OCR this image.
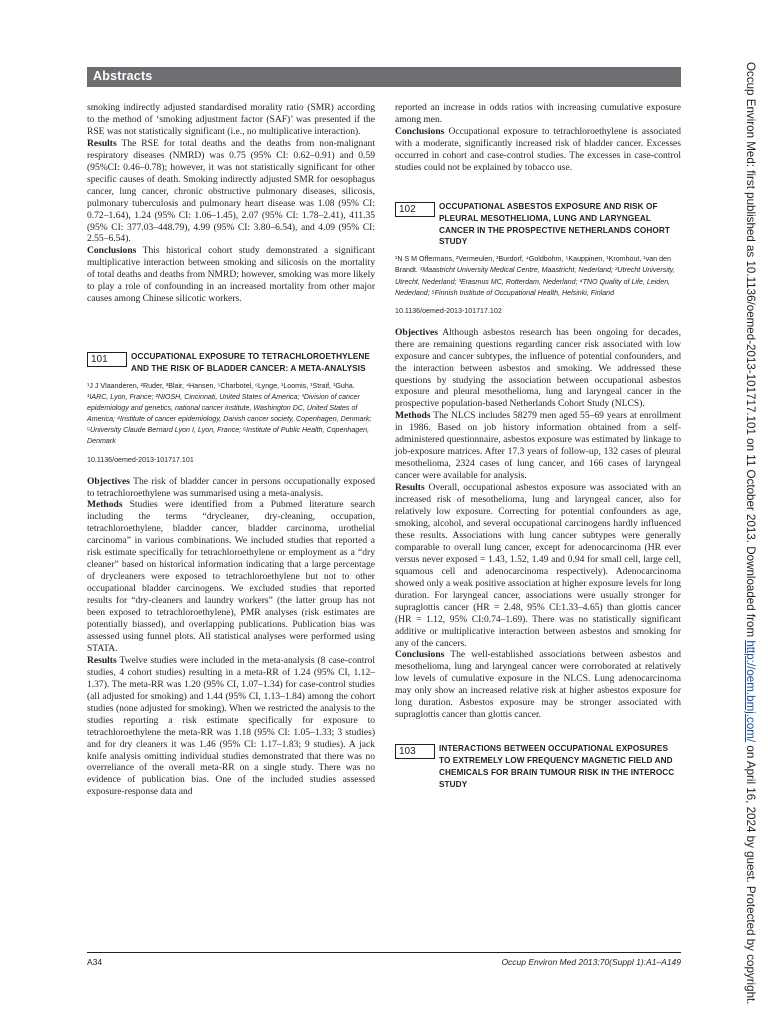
Abstracts

smoking indirectly adjusted standardised morality ratio (SMR) according to the method of ‘smoking adjustment factor (SAF)’ was presented if the RSE was not statistically significant (i.e., no multiplicative interaction).

Results The RSE for total deaths and the deaths from non-malignant respiratory diseases (NMRD) was 0.75 (95% CI: 0.62–0.91) and 0.59 (95%CI: 0.46–0.78); however, it was not statistically significant for other specific causes of death. Smoking indirectly adjusted SMR for oesophagus cancer, lung cancer, chronic obstructive pulmonary diseases, silicosis, pulmonary tuberculosis and pulmonary heart disease was 1.08 (95% CI: 0.72–1.64), 1.24 (95% CI: 1.06–1.45), 2.07 (95% CI: 1.78–2.41), 411.35 (95% CI: 377.03–448.79), 4.99 (95% CI: 3.80–6.54), and 4.09 (95% CI: 2.55–6.54).

Conclusions This historical cohort study demonstrated a significant multiplicative interaction between smoking and silicosis on the mortality of total deaths and deaths from NMRD; however, smoking was more likely to play a role of confounding in an increased mortality from other major causes among Chinese silicotic workers.

101	OCCUPATIONAL EXPOSURE TO TETRACHLOROETHYLENE AND THE RISK OF BLADDER CANCER: A META-ANALYSIS

¹J J Vlaanderen, ²Ruder, ³Blair, ⁴Hansen, ⁵Charbotel, ⁶Lynge, ¹Loomis, ¹Straif, ¹Guha. ¹IARC, Lyon, France; ²NIOSH, Cincinnati, United States of America; ³Division of cancer epidemiology and genetics, national cancer institute, Washington DC, United States of America; ⁴Institute of cancer epidemiology, Danish cancer society, Copenhagen, Denmark; ⁵University Claude Bernard Lyon I, Lyon, France; ⁶Institute of Public Health, Copenhagen, Denmark

10.1136/oemed-2013-101717.101

Objectives The risk of bladder cancer in persons occupationally exposed to tetrachloroethylene was summarised using a meta-analysis.

Methods Studies were identified from a Pubmed literature search including the terms “drycleaner, dry-cleaning, occupation, tetrachloroethylene, bladder cancer, bladder carcinoma, urothelial carcinoma” in various combinations. We included studies that reported a risk estimate specifically for tetrachloroethylene or employment as a “dry cleaner” based on historical information indicating that a large percentage of drycleaners were exposed to tetrachloroethylene but not to other occupational bladder carcinogens. We excluded studies that reported results for “dry-cleaners and laundry workers” (the latter group has not been exposed to tetrachloroethylene), PMR analyses (risk estimates are potentially biassed), and overlapping publications. Publication bias was assessed using funnel plots. All statistical analyses were performed using STATA.

Results Twelve studies were included in the meta-analysis (8 case-control studies, 4 cohort studies) resulting in a meta-RR of 1.24 (95% CI, 1.12–1.37). The meta-RR was 1.20 (95% CI, 1.07–1.34) for case-control studies (all adjusted for smoking) and 1.44 (95% CI, 1.13–1.84) among the cohort studies (none adjusted for smoking). When we restricted the analysis to the studies reporting a risk estimate specifically for exposure to tetrachloroethylene the meta-RR was 1.18 (95% CI: 1.05–1.33; 3 studies) and for dry cleaners it was 1.46 (95% CI: 1.17–1.83; 9 studies). A jack knife analysis omitting individual studies demonstrated that there was no overreliance of the overall meta-RR on a single study. There was no evidence of publication bias. One of the included studies assessed exposure-response data and

reported an increase in odds ratios with increasing cumulative exposure among men.

Conclusions Occupational exposure to tetrachloroethylene is associated with a moderate, significantly increased risk of bladder cancer. Excesses occurred in cohort and case-control studies. The excesses in case-control studies could not be explained by tobacco use.

102	OCCUPATIONAL ASBESTOS EXPOSURE AND RISK OF PLEURAL MESOTHELIOMA, LUNG AND LARYNGEAL CANCER IN THE PROSPECTIVE NETHERLANDS COHORT STUDY

¹N S M Offermans, ²Vermeulen, ³Burdorf, ⁴Goldbohm, ⁵Kauppinen, ¹Kromhout, ¹van den Brandt. ¹Maastricht University Medical Centre, Maastricht, Nederland; ²Utrecht University, Utrecht, Nederland; ³Erasmus MC, Rotterdam, Nederland; ⁴TNO Quality of Life, Leiden, Nederland; ⁵Finnish Institute of Occupational Health, Helsinki, Finland

10.1136/oemed-2013-101717.102

Objectives Although asbestos research has been ongoing for decades, there are remaining questions regarding cancer risk associated with low exposure and cancer subtypes, the influence of potential confounders, and the interaction between asbestos and smoking. We addressed these questions by studying the association between occupational asbestos exposure and pleural mesothelioma, lung and laryngeal cancer in the prospective population-based Netherlands Cohort Study (NLCS).

Methods The NLCS includes 58279 men aged 55–69 years at enrollment in 1986. Based on job history information obtained from a self-administered questionnaire, asbestos exposure was estimated by linkage to job-exposure matrices. After 17.3 years of follow-up, 132 cases of pleural mesothelioma, 2324 cases of lung cancer, and 166 cases of laryngeal cancer were available for analysis.

Results Overall, occupational asbestos exposure was associated with an increased risk of mesothelioma, lung and laryngeal cancer, also for relatively low exposure. Correcting for potential confounders as age, smoking, alcohol, and several occupational carcinogens hardly influenced these results. Associations with lung cancer subtypes were generally comparable to overall lung cancer, except for adenocarcinoma (HR ever versus never exposed = 1.43, 1.52, 1.49 and 0.94 for small cell, large cell, squamous cell and adenocarcinoma respectively). Adenocarcinoma showed only a weak positive association at higher exposure levels for long duration. For laryngeal cancer, associations were usually stronger for supraglottis cancer (HR = 2.48, 95% CI:1.33–4.65) than glottis cancer (HR = 1.12, 95% CI:0.74–1.69). There was no statistically significant additive or multiplicative interaction between asbestos and smoking for any of the cancers.

Conclusions The well-established associations between asbestos and mesothelioma, lung and laryngeal cancer were corroborated at relatively low levels of cumulative exposure in the NLCS. Lung adenocarcinoma may only show an increased relative risk at higher asbestos exposure for long duration. Asbestos exposure may be stronger associated with supraglottis cancer than glottis cancer.

103	INTERACTIONS BETWEEN OCCUPATIONAL EXPOSURES TO EXTREMELY LOW FREQUENCY MAGNETIC FIELD AND CHEMICALS FOR BRAIN TUMOUR RISK IN THE INTEROCC STUDY
Occup Environ Med: first published as 10.1136/oemed-2013-101717.101 on 11 October 2013. Downloaded from http://oem.bmj.com/ on April 16, 2024 by guest. Protected by copyright.
A34	Occup Environ Med 2013;70(Suppl 1):A1–A149
